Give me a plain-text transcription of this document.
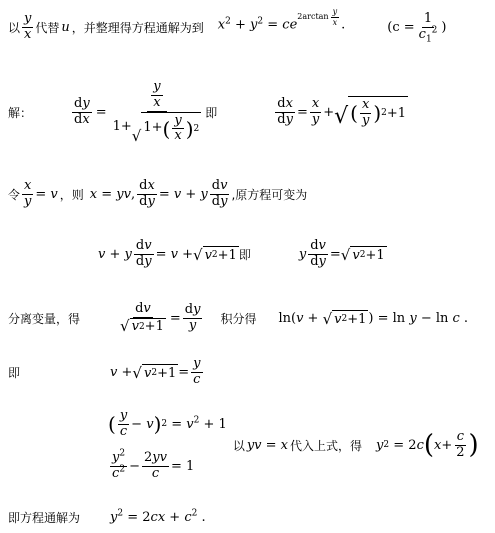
以 $\frac{y}{x}$ 代替 u ，并整理得方程通解为到 $x^2 + y^2 = ce^{2arctan \frac{y}{x}}$ .	($c = \frac{1}{c_1^2}$ )
解：	$\frac{dy}{dx} = \frac{y}{x}$
1+
√ 1+ ( $\frac{y}{x}$ ) 2 即	$\frac{dx}{dy} = \frac{x}{y}$ + √ ( $\frac{x}{y}$ ) 2 +1
令 $\frac{x}{y} = v$ ，则 x = yv, $\frac{dx}{dy} = v + y \frac{dv}{dy}$ ,原方程可变为
v + y $\frac{dv}{dy} = v$ + √ v 2 +1 即	y $\frac{dv}{dy}$ = √ v 2 +1
分离变量，得	$\frac{dv}{√ v 2 +1} = \frac{dy}{y}$ 积分得 ln(v + √ v 2 +1 ) = ln y − ln c .
即	v + √ v $2 +1 = \frac{y}{c}$
( $\frac{y}{c} - v$ ) $2 = v^2 + 1$
$\frac{y^2}{c^2} - \frac{2yv}{c} = 1$
以 yv = x 代入上式，得 y 2 = 2 c ( $x + \frac{c}{2}$ )
即方程通解为 $y^2 = 2cx + c^2$ .
